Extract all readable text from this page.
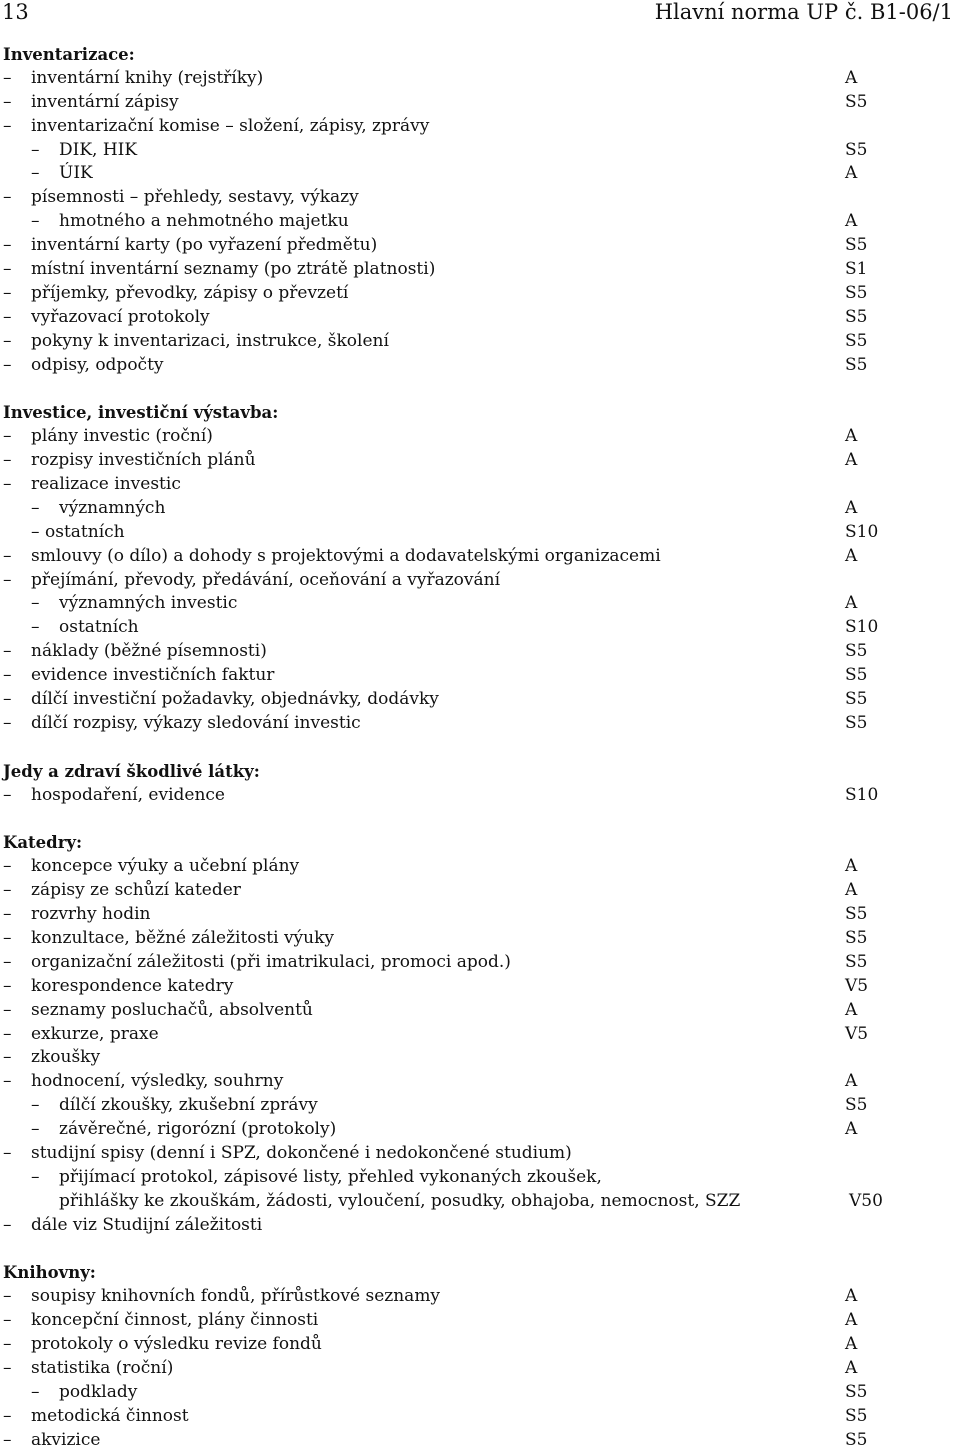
13	Hlavní norma UP č. B1-06/1
Inventarizace:
– inventární knihy (rejstříky)	A
– inventární zápisy	S5
– inventarizační komise – složení, zápisy, zprávy
– DIK, HIK	S5
– ÚIK	A
– písemnosti – přehledy, sestavy, výkazy
– hmotného a nehmotného majetku	A
– inventární karty (po vyřazení předmětu)	S5
– místní inventární seznamy (po ztrátě platnosti)	S1
– příjemky, převodky, zápisy o převzetí	S5
– vyřazovací protokoly	S5
– pokyny k inventarizaci, instrukce, školení	S5
– odpisy, odpočty	S5
Investice, investiční výstavba:
– plány investic (roční)	A
– rozpisy investičních plánů	A
– realizace investic
– významných	A
– ostatních	S10
– smlouvy (o dílo) a dohody s projektovými a dodavatelskými organizacemi	A
– přejímání, převody, předávání, oceňování a vyřazování
– významných investic	A
– ostatních	S10
– náklady (běžné písemnosti)	S5
– evidence investičních faktur	S5
– dílčí investiční požadavky, objednávky, dodávky	S5
– dílčí rozpisy, výkazy sledování investic	S5
Jedy a zdraví škodlivé látky:
– hospodaření, evidence	S10
Katedry:
– koncepce výuky a učební plány	A
– zápisy ze schůzí kateder	A
– rozvrhy hodin	S5
– konzultace, běžné záležitosti výuky	S5
– organizační záležitosti (při imatrikulaci, promoci apod.)	S5
– korespondence katedry	V5
– seznamy posluchačů, absolventů	A
– exkurze, praxe	V5
– zkoušky
– hodnocení, výsledky, souhrny	A
– dílčí zkoušky, zkušební zprávy	S5
– závěrečné, rigorózní (protokoly)	A
– studijní spisy (denní i SPZ, dokončené i nedokončené studium)
– přijímací protokol, zápisové listy, přehled vykonaných zkoušek,
přihlášky ke zkouškám, žádosti, vyloučení, posudky, obhajoba, nemocnost, SZZ	V50
– dále viz Studijní záležitosti
Knihovny:
– soupisy knihovních fondů, přírůstkové seznamy	A
– koncepční činnost, plány činnosti	A
– protokoly o výsledku revize fondů	A
– statistika (roční)	A
– podklady	S5
– metodická činnost	S5
– akvizice	S5
